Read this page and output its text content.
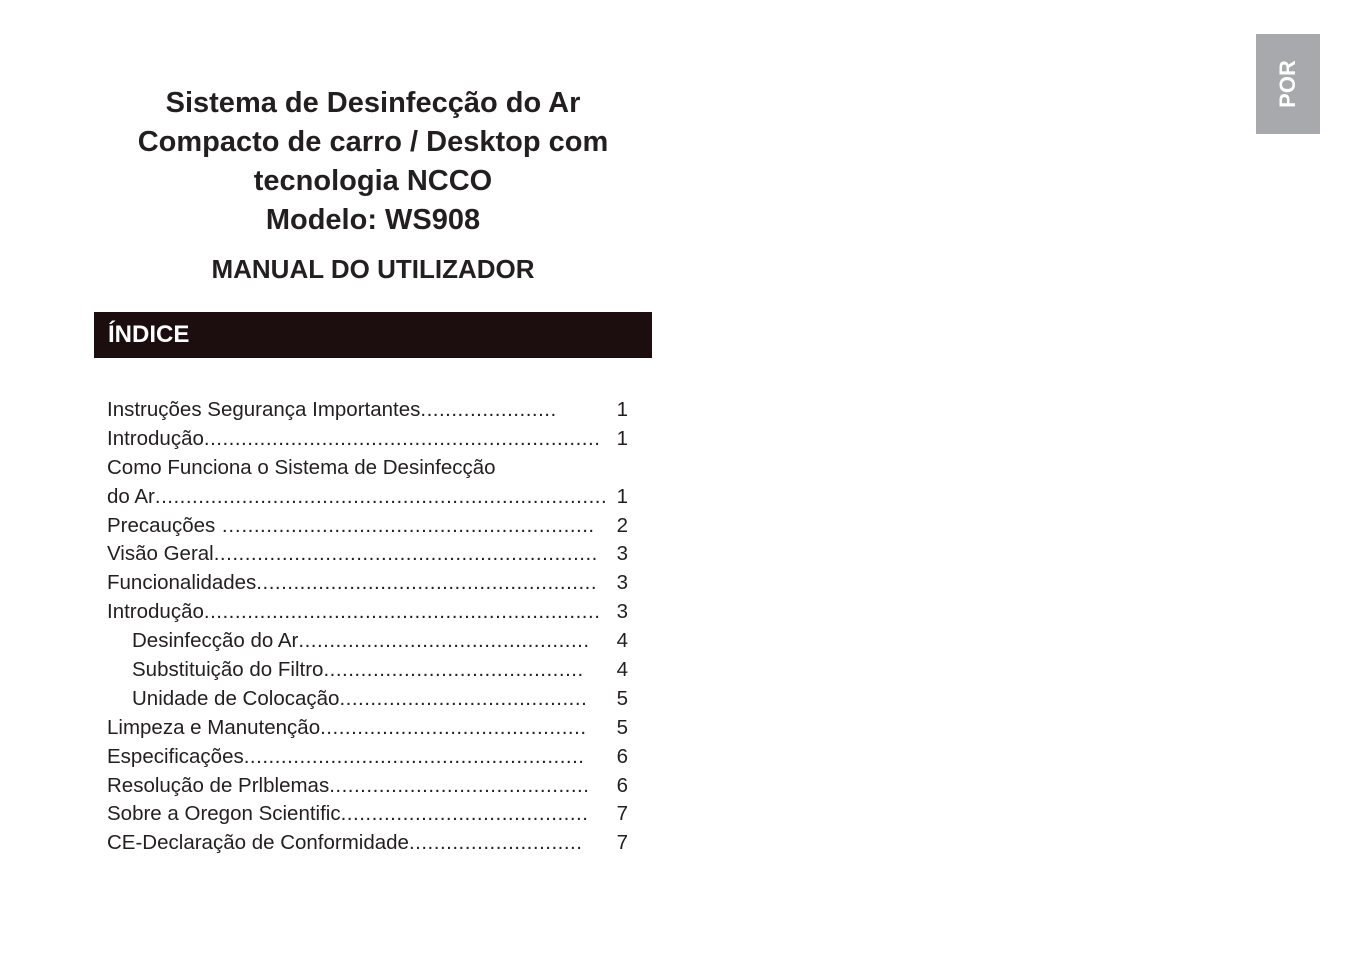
Sistema de Desinfecção do Ar

Compacto de carro / Desktop com

tecnologia NCCO

Modelo: WS908

MANUAL DO UTILIZADOR
ÍNDICE
Instruções Segurança Importantes ......................	1
Introdução ................................................................ 1
Como Funciona o Sistema de Desinfecção
do Ar ......................................................................... 1
Precauções … .........................................................	2
Visão Geral .............................................................. 3
Funcionalidades ....................................................... 3
Introdução ................................................................ 3
Desinfecção do Ar ...............................................	4
Substituição do Filtro ..........................................	4
Unidade de Colocação ........................................	5
Limpeza e Manutenção ...........................................	5
Especificações .......................................................	6
Resolução de Prlblemas ..........................................	6
Sobre a Oregon Scientific ........................................	7
CE-Declaração de Conformidade ............................	7
POR
